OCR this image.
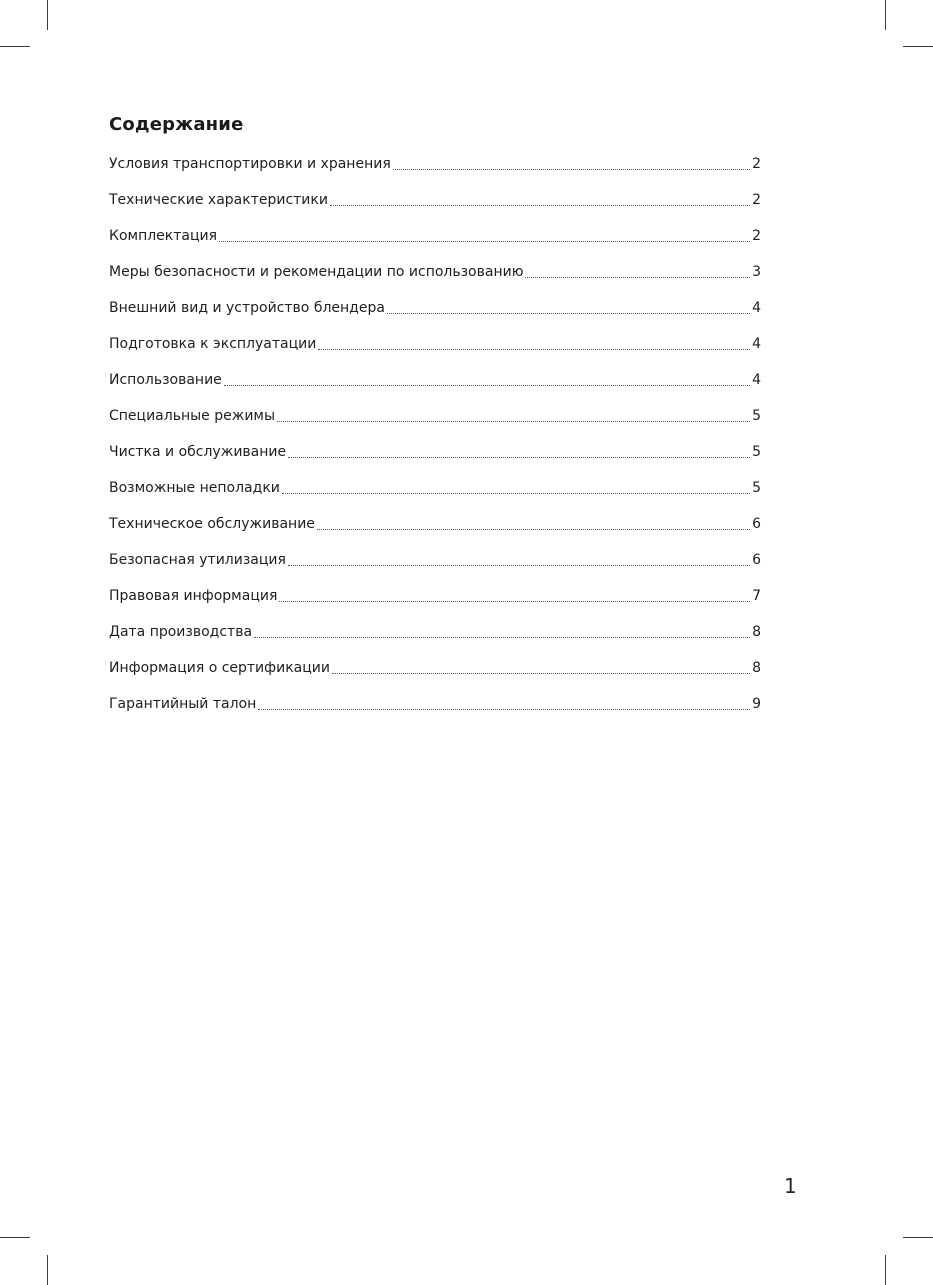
Содержание
Условия транспортировки и хранения	2
Технические характеристики	2
Комплектация	2
Меры безопасности и рекомендации по использованию	3
Внешний вид и устройство блендера	4
Подготовка к эксплуатации	4
Использование	4
Специальные режимы	5
Чистка и обслуживание	5
Возможные неполадки	5
Техническое обслуживание	6
Безопасная утилизация	6
Правовая информация	7
Дата производства	8
Информация о сертификации	8
Гарантийный талон	9
1
